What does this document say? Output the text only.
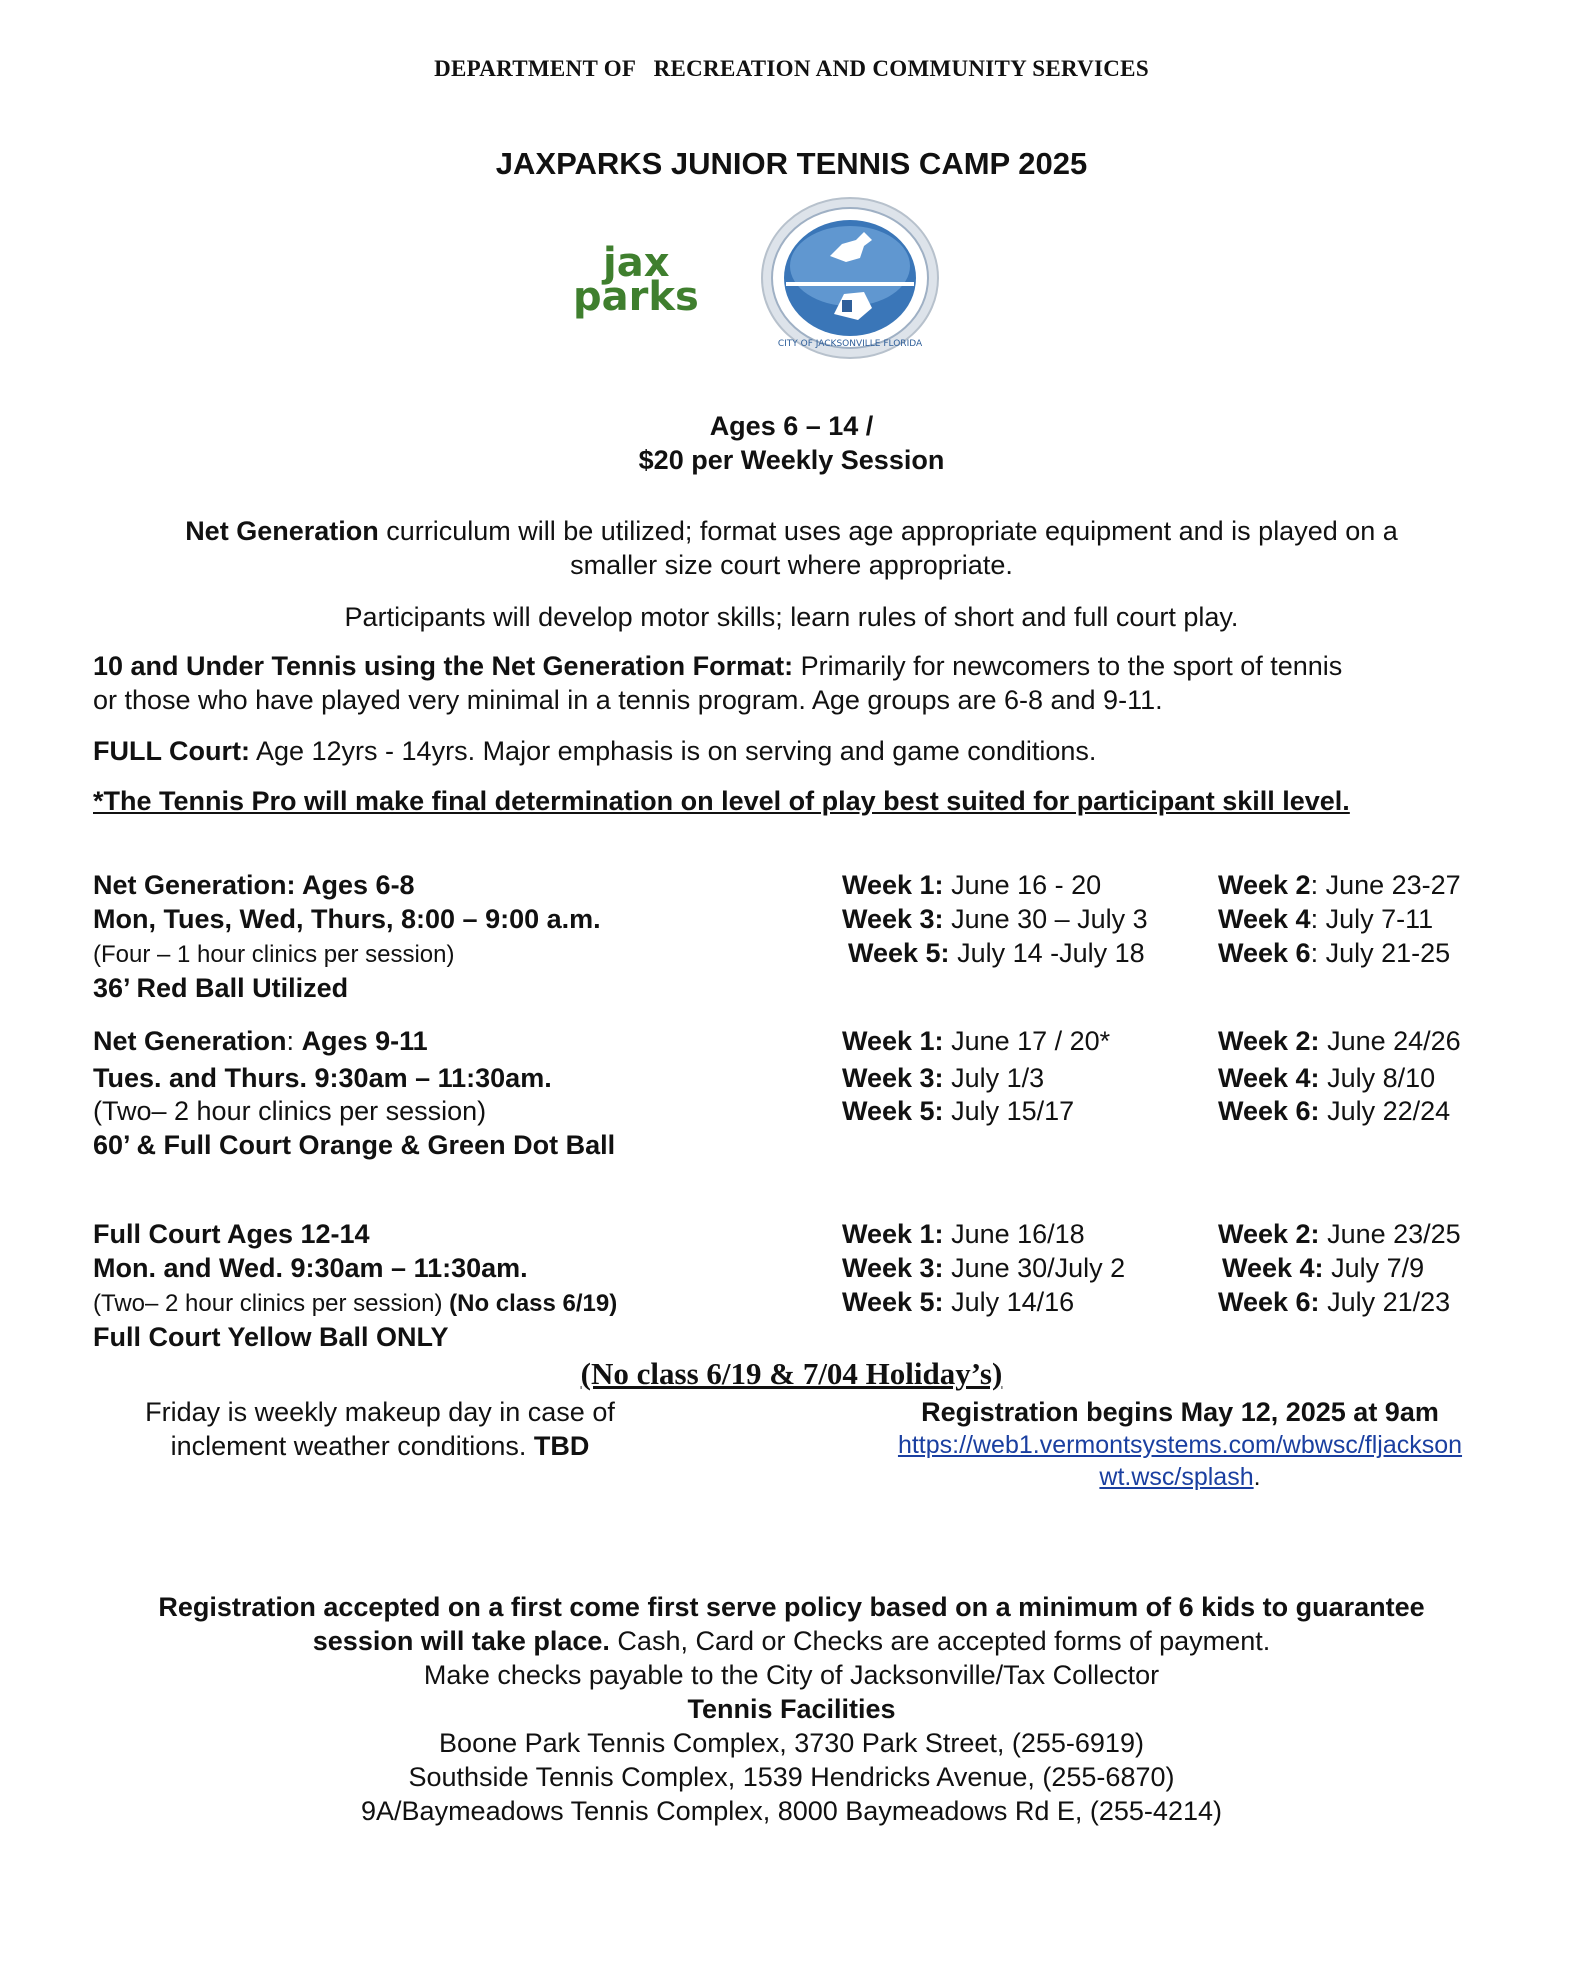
DEPARTMENT OF   RECREATION AND COMMUNITY SERVICES
JAXPARKS JUNIOR TENNIS CAMP 2025
jax
parks
CITY OF JACKSONVILLE FLORIDA
Ages 6 – 14 /
$20 per Weekly Session
Net Generation curriculum will be utilized; format uses age appropriate equipment and is played on a
smaller size court where appropriate.
Participants will develop motor skills; learn rules of short and full court play.
10 and Under Tennis using the Net Generation Format: Primarily for newcomers to the sport of tennis
or those who have played very minimal in a tennis program. Age groups are 6-8 and 9-11.
FULL Court: Age 12yrs - 14yrs. Major emphasis is on serving and game conditions.
*The Tennis Pro will make final determination on level of play best suited for participant skill level.
Net Generation: Ages 6-8
Mon, Tues, Wed, Thurs, 8:00 – 9:00 a.m.
(Four – 1 hour clinics per session)
36’ Red Ball Utilized
Week 1: June 16 - 20	Week 2: June 23-27
Week 3: June 30 – July 3	Week 4: July 7-11
Week 5: July 14 -July 18	Week 6: July 21-25
Net Generation: Ages 9-11
Tues. and Thurs. 9:30am – 11:30am.
(Two– 2 hour clinics per session)
60’ & Full Court Orange & Green Dot Ball
Week 1: June 17 / 20*	Week 2: June 24/26
Week 3: July 1/3	Week 4: July 8/10
Week 5: July 15/17	Week 6: July 22/24
Full Court Ages 12-14
Mon. and Wed. 9:30am – 11:30am.
(Two– 2 hour clinics per session) (No class 6/19)
Full Court Yellow Ball ONLY
Week 1: June 16/18	Week 2: June 23/25
Week 3: June 30/July 2	Week 4: July 7/9
Week 5: July 14/16	Week 6: July 21/23
(No class 6/19 & 7/04 Holiday’s)
Friday is weekly makeup day in case of
inclement weather conditions. TBD
Registration begins May 12, 2025 at 9am
https://web1.vermontsystems.com/wbwsc/fljackson
wt.wsc/splash.
Registration accepted on a first come first serve policy based on a minimum of 6 kids to guarantee
session will take place. Cash, Card or Checks are accepted forms of payment.
Make checks payable to the City of Jacksonville/Tax Collector
Tennis Facilities
Boone Park Tennis Complex, 3730 Park Street, (255-6919)
Southside Tennis Complex, 1539 Hendricks Avenue, (255-6870)
9A/Baymeadows Tennis Complex, 8000 Baymeadows Rd E, (255-4214)
